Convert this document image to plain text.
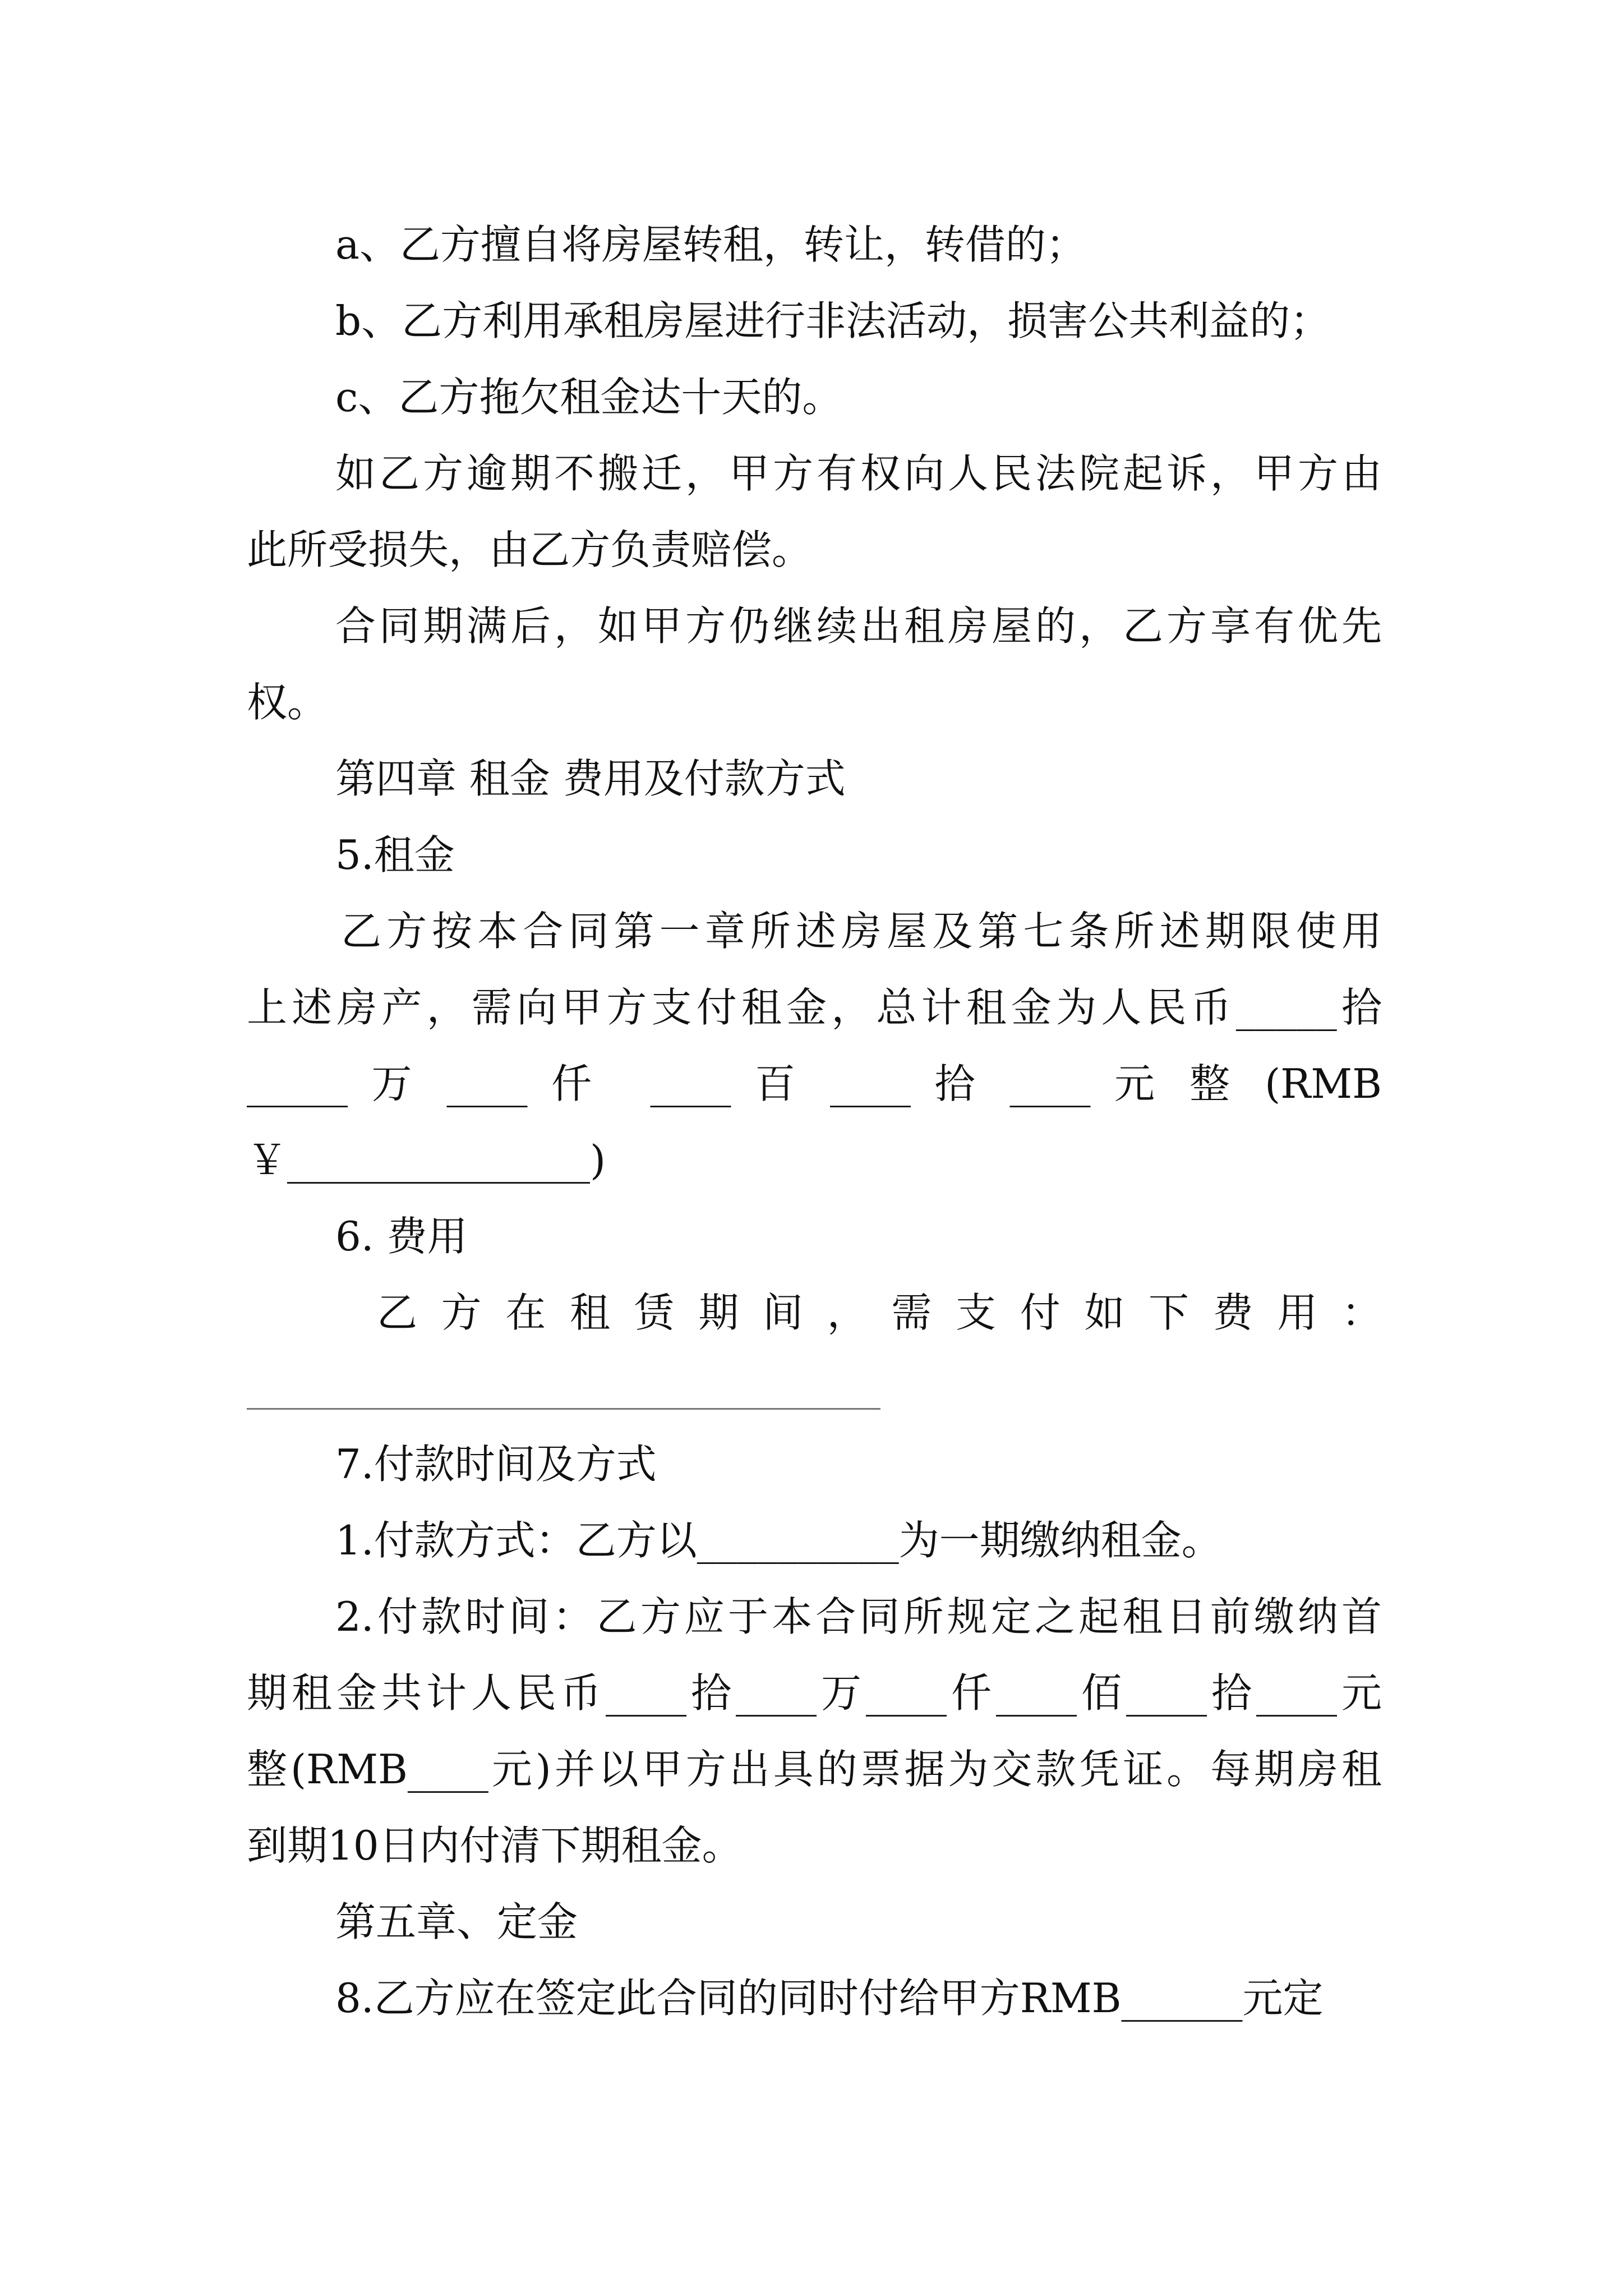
a、乙方擅自将房屋转租，转让，转借的；
b、乙方利用承租房屋进行非法活动，损害公共利益的；
c、乙方拖欠租金达十天的。
如乙方逾期不搬迁，甲方有权向人民法院起诉，甲方由
此所受损失，由乙方负责赔偿。
合同期满后，如甲方仍继续出租房屋的，乙方享有优先
权。
第四章 租金 费用及付款方式
5.租金
乙方按本合同第一章所述房屋及第七条所述期限使用
上述房产，需向甲方支付租金，总计租金为人民币_____拾
_____ 万 ____ 仟  ____ 百 ____ 拾 ____ 元 整 (RMB
￥_______________)
6. 费用
乙方在租赁期间，需支付如下费用：
7.付款时间及方式
1.付款方式：乙方以__________为一期缴纳租金。
2.付款时间：乙方应于本合同所规定之起租日前缴纳首
期租金共计人民币____拾____万____仟____佰____拾____元
整(RMB____元)并以甲方出具的票据为交款凭证。每期房租
到期10日内付清下期租金。
第五章、定金
8.乙方应在签定此合同的同时付给甲方RMB______元定
